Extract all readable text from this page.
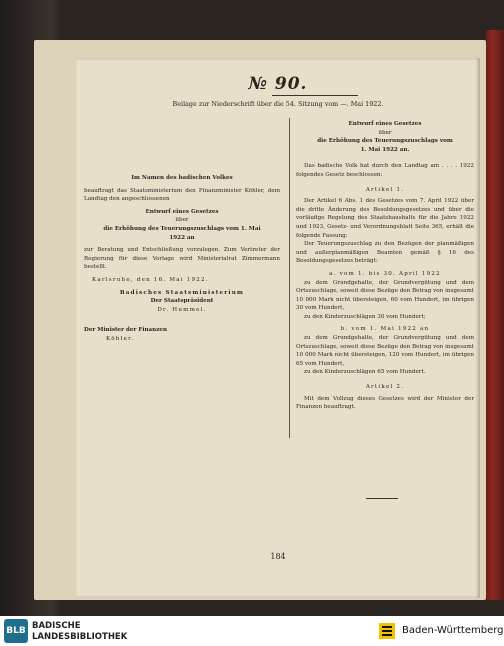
№ 90.
Beilage zur Niederschrift über die 54. Sitzung vom —. Mai 1922.
Im Namen des badischen Volkes
beauftragt das Staatsministerium den Finanzminister Köhler, dem Landtag den angeschlossenen
Entwurf eines Gesetzes
über
die Erhöhung des Teuerungszuschlags vom 1. Mai 1922 an
zur Beratung und Entschließung vorzulegen. Zum Vertreter der Regierung für diese Vorlage wird Ministerialrat Zimmermann bestellt.
Karlsruhe, den 16. Mai 1922.
Badisches Staatsministerium
Der Staatspräsident
Dr. Hummel.
Der Minister der Finanzen
Köhler.
Entwurf eines Gesetzes
über
die Erhöhung des Teuerungszuschlags vom 1. Mai 1922 an.
Das badische Volk hat durch den Landtag am . . . . 1922 folgendes Gesetz beschlossen:
Artikel 1.
Der Artikel 6 Abs. 1 des Gesetzes vom 7. April 1922 über die dritte Änderung des Besoldungsgesetzes und über die vorläufige Regelung des Staatshaushalts für die Jahre 1922 und 1923, Gesetz- und Verordnungsblatt Seite 365, erhält die folgende Fassung:
Der Teuerungszuschlag zu den Bezügen der planmäßigen und außerplanmäßigen Beamten gemäß § 16 des Besoldungsgesetzes beträgt:
a. vom 1. bis 30. April 1922
zu dem Grundgehalte, der Grundvergütung und dem Ortszuschlage, soweit diese Bezüge den Betrag von insgesamt 10 000 Mark nicht übersteigen, 60 vom Hundert, im übrigen 30 vom Hundert,
zu den Kinderzuschlägen 30 vom Hundert;
b. vom 1. Mai 1922 an
zu dem Grundgehalte, der Grundvergütung und dem Ortszuschlage, soweit diese Bezüge den Betrag von insgesamt 10 000 Mark nicht übersteigen, 120 vom Hundert, im übrigen 65 vom Hundert,
zu den Kinderzuschlägen 65 vom Hundert.
Artikel 2.
Mit dem Vollzug dieses Gesetzes wird der Minister der Finanzen beauftragt.
184
BLB BADISCHE
LANDESBIBLIOTHEK
Baden-Württemberg
